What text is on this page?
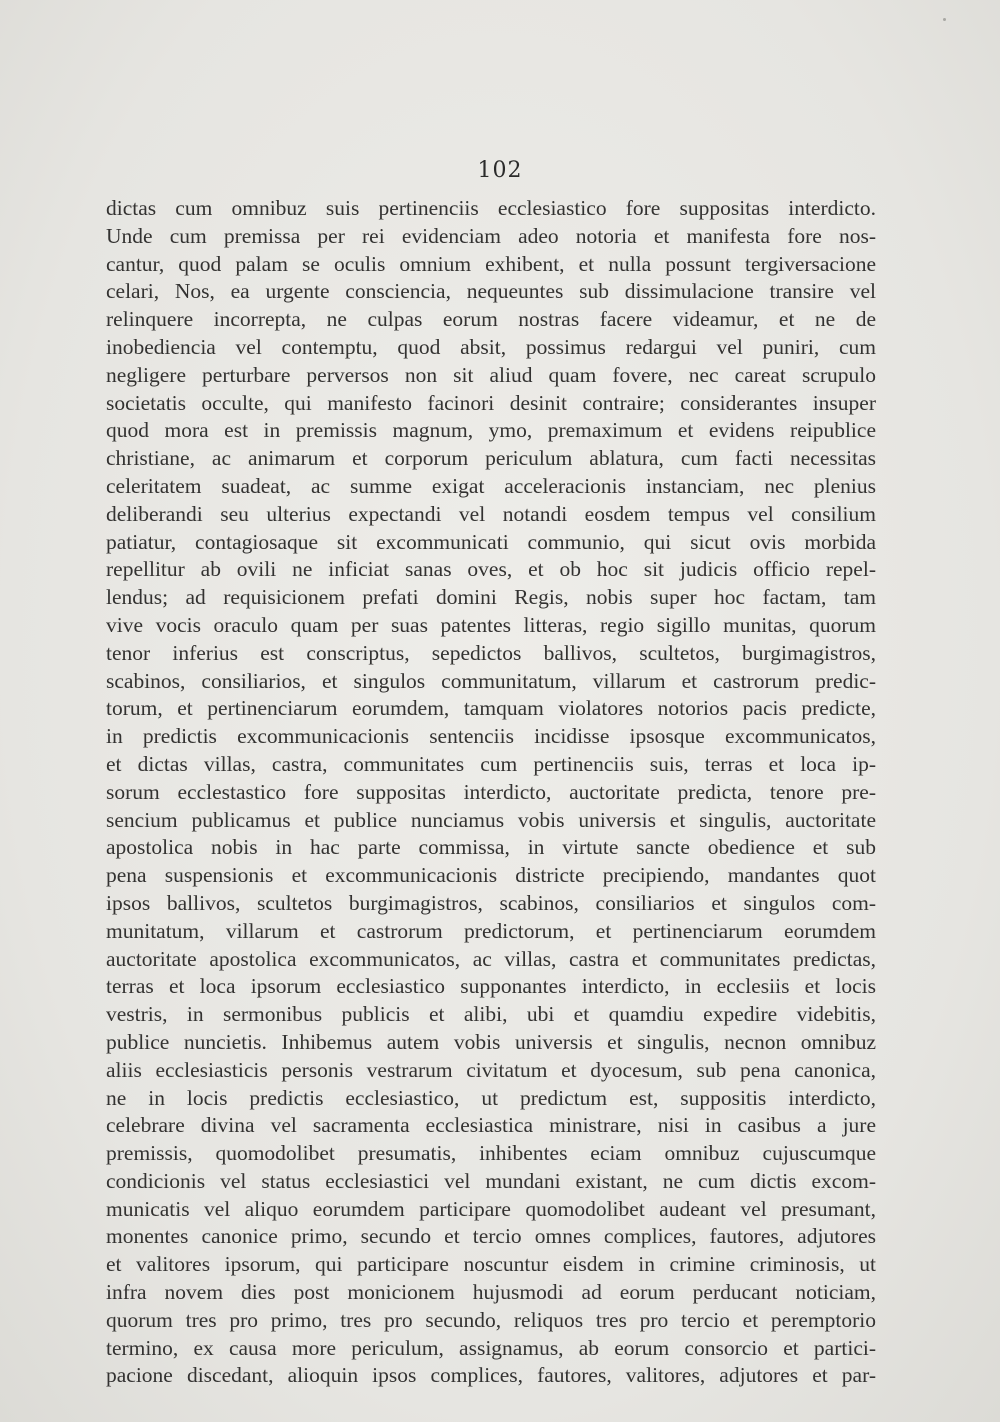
102
dictas cum omnibuz suis pertinenciis ecclesiastico fore suppositas interdicto.
Unde cum premissa per rei evidenciam adeo notoria et manifesta fore nos-
cantur, quod palam se oculis omnium exhibent, et nulla possunt tergiversacione
celari, Nos, ea urgente consciencia, nequeuntes sub dissimulacione transire vel
relinquere incorrepta, ne culpas eorum nostras facere videamur, et ne de
inobediencia vel contemptu, quod absit, possimus redargui vel puniri, cum
negligere perturbare perversos non sit aliud quam fovere, nec careat scrupulo
societatis occulte, qui manifesto facinori desinit contraire; considerantes insuper
quod mora est in premissis magnum, ymo, premaximum et evidens reipublice
christiane, ac animarum et corporum periculum ablatura, cum facti necessitas
celeritatem suadeat, ac summe exigat acceleracionis instanciam, nec plenius
deliberandi seu ulterius expectandi vel notandi eosdem tempus vel consilium
patiatur, contagiosaque sit excommunicati communio, qui sicut ovis morbida
repellitur ab ovili ne inficiat sanas oves, et ob hoc sit judicis officio repel-
lendus; ad requisicionem prefati domini Regis, nobis super hoc factam, tam
vive vocis oraculo quam per suas patentes litteras, regio sigillo munitas, quorum
tenor inferius est conscriptus, sepedictos ballivos, scultetos, burgimagistros,
scabinos, consiliarios, et singulos communitatum, villarum et castrorum predic-
torum, et pertinenciarum eorumdem, tamquam violatores notorios pacis predicte,
in predictis excommunicacionis sentenciis incidisse ipsosque excommunicatos,
et dictas villas, castra, communitates cum pertinenciis suis, terras et loca ip-
sorum ecclestastico fore suppositas interdicto, auctoritate predicta, tenore pre-
sencium publicamus et publice nunciamus vobis universis et singulis, auctoritate
apostolica nobis in hac parte commissa, in virtute sancte obedience et sub
pena suspensionis et excommunicacionis districte precipiendo, mandantes quot
ipsos ballivos, scultetos burgimagistros, scabinos, consiliarios et singulos com-
munitatum, villarum et castrorum predictorum, et pertinenciarum eorumdem
auctoritate apostolica excommunicatos, ac villas, castra et communitates predictas,
terras et loca ipsorum ecclesiastico supponantes interdicto, in ecclesiis et locis
vestris, in sermonibus publicis et alibi, ubi et quamdiu expedire videbitis,
publice nuncietis. Inhibemus autem vobis universis et singulis, necnon omnibuz
aliis ecclesiasticis personis vestrarum civitatum et dyocesum, sub pena canonica,
ne in locis predictis ecclesiastico, ut predictum est, suppositis interdicto,
celebrare divina vel sacramenta ecclesiastica ministrare, nisi in casibus a jure
premissis, quomodolibet presumatis, inhibentes eciam omnibuz cujuscumque
condicionis vel status ecclesiastici vel mundani existant, ne cum dictis excom-
municatis vel aliquo eorumdem participare quomodolibet audeant vel presumant,
monentes canonice primo, secundo et tercio omnes complices, fautores, adjutores
et valitores ipsorum, qui participare noscuntur eisdem in crimine criminosis, ut
infra novem dies post monicionem hujusmodi ad eorum perducant noticiam,
quorum tres pro primo, tres pro secundo, reliquos tres pro tercio et peremptorio
termino, ex causa more periculum, assignamus, ab eorum consorcio et partici-
pacione discedant, alioquin ipsos complices, fautores, valitores, adjutores et par-
